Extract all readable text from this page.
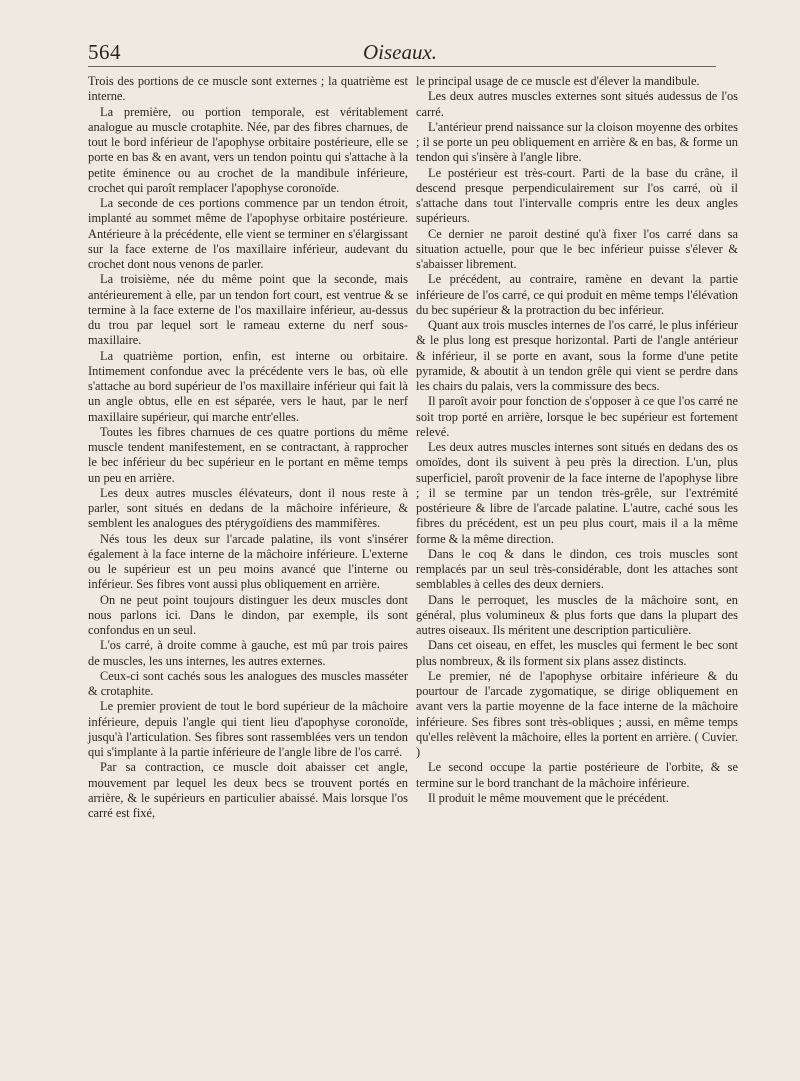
564	Oiseaux.

Trois des portions de ce muscle sont externes ; la quatrième est interne.

La première, ou portion temporale, est véritablement analogue au muscle crotaphite. Née, par des fibres charnues, de tout le bord inférieur de l'apophyse orbitaire postérieure, elle se porte en bas & en avant, vers un tendon pointu qui s'attache à la petite éminence ou au crochet de la mandibule inférieure, crochet qui paroît remplacer l'apophyse coronoïde.

La seconde de ces portions commence par un tendon étroit, implanté au sommet même de l'apophyse orbitaire postérieure. Antérieure à la précédente, elle vient se terminer en s'élargissant sur la face externe de l'os maxillaire inférieur, audevant du crochet dont nous venons de parler.

La troisième, née du même point que la seconde, mais antérieurement à elle, par un tendon fort court, est ventrue & se termine à la face externe de l'os maxillaire inférieur, au-dessus du trou par lequel sort le rameau externe du nerf sous-maxillaire.

La quatrième portion, enfin, est interne ou orbitaire. Intimement confondue avec la précédente vers le bas, où elle s'attache au bord supérieur de l'os maxillaire inférieur qui fait là un angle obtus, elle en est séparée, vers le haut, par le nerf maxillaire supérieur, qui marche entr'elles.

Toutes les fibres charnues de ces quatre portions du même muscle tendent manifestement, en se contractant, à rapprocher le bec inférieur du bec supérieur en le portant en même temps un peu en arrière.

Les deux autres muscles élévateurs, dont il nous reste à parler, sont situés en dedans de la mâchoire inférieure, & semblent les analogues des ptérygoïdiens des mammifères.

Nés tous les deux sur l'arcade palatine, ils vont s'insérer également à la face interne de la mâchoire inférieure. L'externe ou le supérieur est un peu moins avancé que l'interne ou inférieur. Ses fibres vont aussi plus obliquement en arrière.

On ne peut point toujours distinguer les deux muscles dont nous parlons ici. Dans le dindon, par exemple, ils sont confondus en un seul.

L'os carré, à droite comme à gauche, est mû par trois paires de muscles, les uns internes, les autres externes.

Ceux-ci sont cachés sous les analogues des muscles masséter & crotaphite.

Le premier provient de tout le bord supérieur de la mâchoire inférieure, depuis l'angle qui tient lieu d'apophyse coronoïde, jusqu'à l'articulation. Ses fibres sont rassemblées vers un tendon qui s'implante à la partie inférieure de l'angle libre de l'os carré.

Par sa contraction, ce muscle doit abaisser cet angle, mouvement par lequel les deux becs se trouvent portés en arrière, & le supérieurs en particulier abaissé. Mais lorsque l'os carré est fixé,

le principal usage de ce muscle est d'élever la mandibule.

Les deux autres muscles externes sont situés audessus de l'os carré.

L'antérieur prend naissance sur la cloison moyenne des orbites ; il se porte un peu obliquement en arrière & en bas, & forme un tendon qui s'insère à l'angle libre.

Le postérieur est très-court. Parti de la base du crâne, il descend presque perpendiculairement sur l'os carré, où il s'attache dans tout l'intervalle compris entre les deux angles supérieurs.

Ce dernier ne paroit destiné qu'à fixer l'os carré dans sa situation actuelle, pour que le bec inférieur puisse s'élever & s'abaisser librement.

Le précédent, au contraire, ramène en devant la partie inférieure de l'os carré, ce qui produit en même temps l'élévation du bec supérieur & la protraction du bec inférieur.

Quant aux trois muscles internes de l'os carré, le plus inférieur & le plus long est presque horizontal. Parti de l'angle antérieur & inférieur, il se porte en avant, sous la forme d'une petite pyramide, & aboutit à un tendon grêle qui vient se perdre dans les chairs du palais, vers la commissure des becs.

Il paroît avoir pour fonction de s'opposer à ce que l'os carré ne soit trop porté en arrière, lorsque le bec supérieur est fortement relevé.

Les deux autres muscles internes sont situés en dedans des os omoïdes, dont ils suivent à peu près la direction. L'un, plus superficiel, paroît provenir de la face interne de l'apophyse libre ; il se termine par un tendon très-grêle, sur l'extrémité postérieure & libre de l'arcade palatine. L'autre, caché sous les fibres du précédent, est un peu plus court, mais il a la même forme & la même direction.

Dans le coq & dans le dindon, ces trois muscles sont remplacés par un seul très-considérable, dont les attaches sont semblables à celles des deux derniers.

Dans le perroquet, les muscles de la mâchoire sont, en général, plus volumineux & plus forts que dans la plupart des autres oiseaux. Ils méritent une description particulière.

Dans cet oiseau, en effet, les muscles qui ferment le bec sont plus nombreux, & ils forment six plans assez distincts.

Le premier, né de l'apophyse orbitaire inférieure & du pourtour de l'arcade zygomatique, se dirige obliquement en avant vers la partie moyenne de la face interne de la mâchoire inférieure. Ses fibres sont très-obliques ; aussi, en même temps qu'elles relèvent la mâchoire, elles la portent en arrière. ( Cuvier. )

Le second occupe la partie postérieure de l'orbite, & se termine sur le bord tranchant de la mâchoire inférieure.

Il produit le même mouvement que le précédent.
